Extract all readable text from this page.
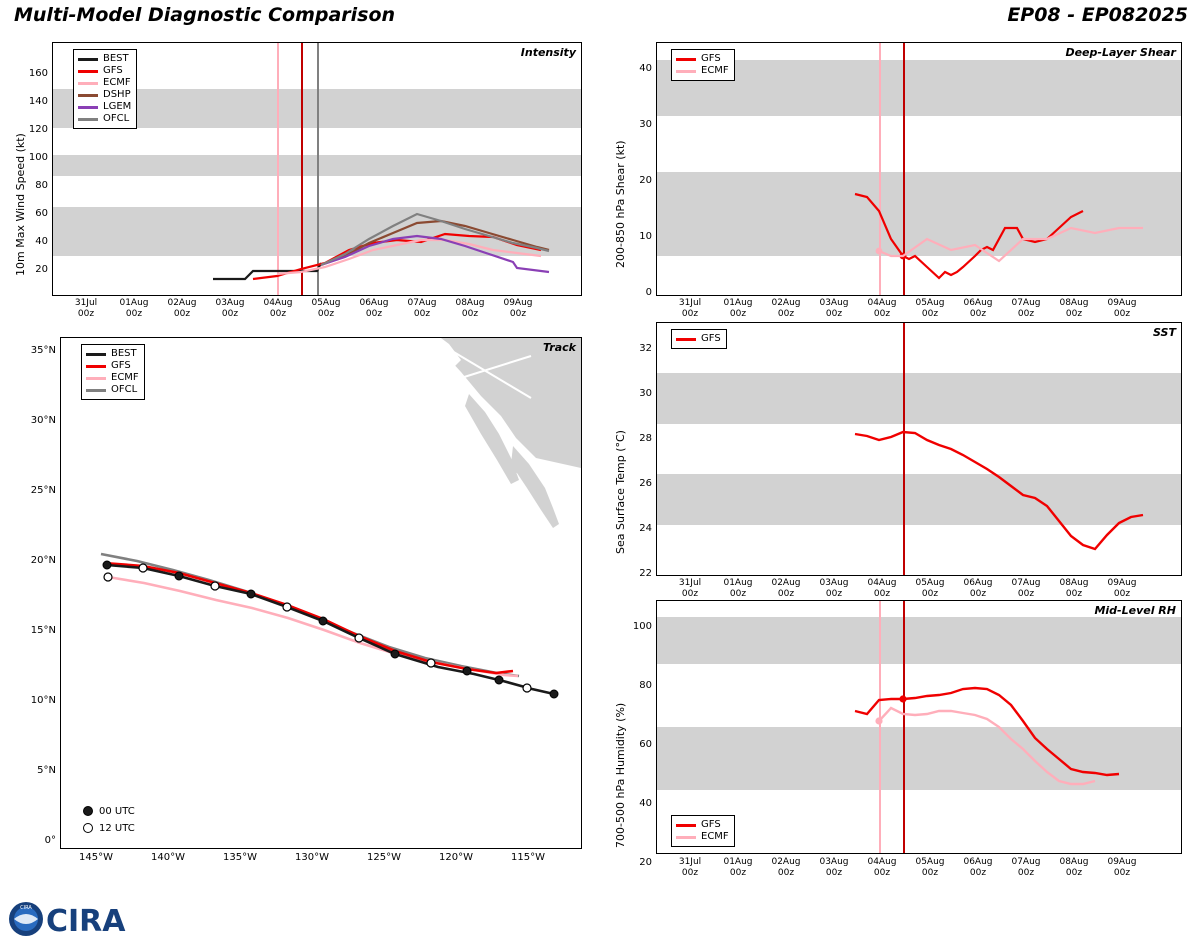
Multi-Model Diagnostic Comparison	EP08 - EP082025
10m Max Wind Speed (kt) 20
40
60
80
100
120
140
160
Intensity
BEST
GFS
ECMF
DSHP
LGEM
OFCL
31Jul
00z
01Aug
00z
02Aug
00z
03Aug
00z
04Aug
00z
05Aug
00z
06Aug
00z
07Aug
00z
08Aug
00z
09Aug
00z
0°
5°N
10°N
15°N
20°N
25°N
30°N
35°N	Track
BEST
GFS
ECMF
OFCL
00 UTC
12 UTC
145°W	140°W	135°W	130°W	125°W	120°W	115°W
200-850 hPa Shear (kt)
0
10
20
30
40
Deep-Layer Shear
GFS
ECMF
31Jul
00z
01Aug
00z
02Aug
00z
03Aug
00z
04Aug
00z
05Aug
00z
06Aug
00z
07Aug
00z
08Aug
00z
09Aug
00z
Sea Surface Temp (°C)
22
24
26
28
30
32
SST
GFS
31Jul
00z
01Aug
00z
02Aug
00z
03Aug
00z
04Aug
00z
05Aug
00z
06Aug
00z
07Aug
00z
08Aug
00z
09Aug
00z
700-500 hPa Humidity (%)
20
40
60
80
100
Mid-Level RH
GFS
ECMF
31Jul
00z
01Aug
00z
02Aug
00z
03Aug
00z
04Aug
00z
05Aug
00z
06Aug
00z
07Aug
00z
08Aug
00z
09Aug
00z
CIRA CIRA
